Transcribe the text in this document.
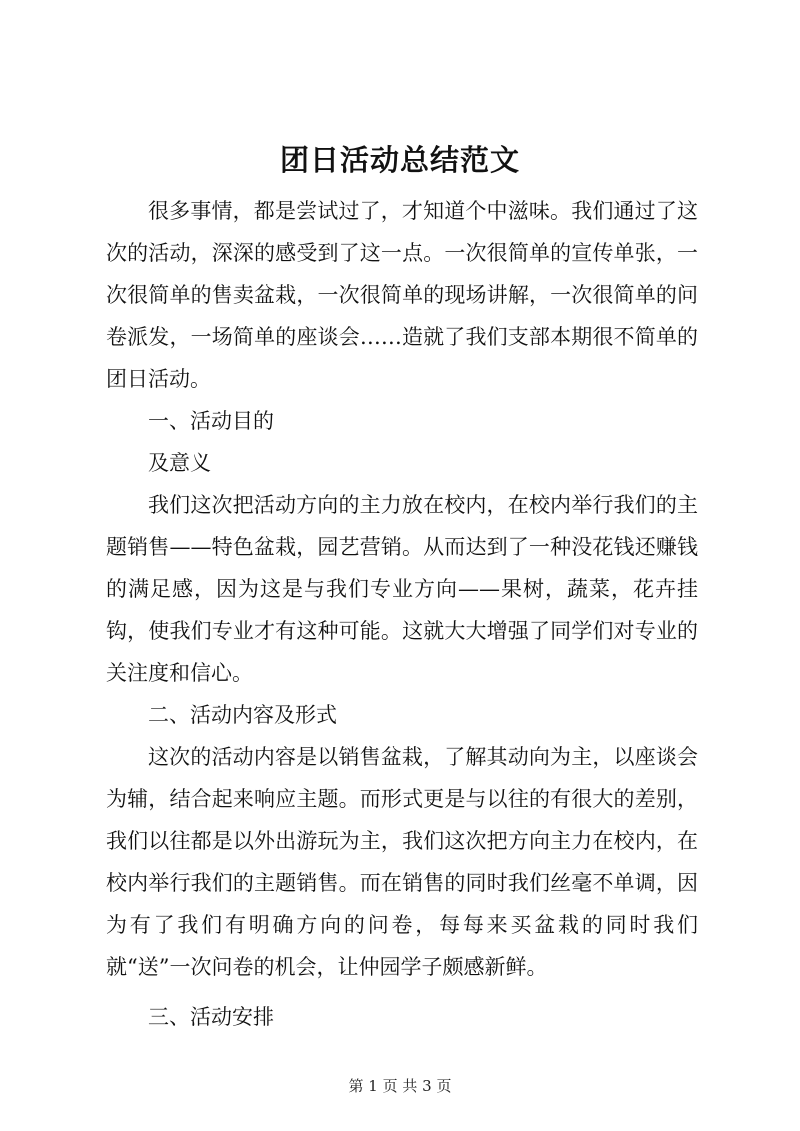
团日活动总结范文

很多事情，都是尝试过了，才知道个中滋味。我们通过了这次的活动，深深的感受到了这一点。一次很简单的宣传单张，一次很简单的售卖盆栽，一次很简单的现场讲解，一次很简单的问卷派发，一场简单的座谈会……造就了我们支部本期很不简单的团日活动。

一、活动目的

及意义

我们这次把活动方向的主力放在校内，在校内举行我们的主题销售——特色盆栽，园艺营销。从而达到了一种没花钱还赚钱的满足感，因为这是与我们专业方向——果树，蔬菜，花卉挂钩，使我们专业才有这种可能。这就大大增强了同学们对专业的关注度和信心。

二、活动内容及形式

这次的活动内容是以销售盆栽，了解其动向为主，以座谈会为辅，结合起来响应主题。而形式更是与以往的有很大的差别，我们以往都是以外出游玩为主，我们这次把方向主力在校内，在校内举行我们的主题销售。而在销售的同时我们丝毫不单调，因为有了我们有明确方向的问卷，每每来买盆栽的同时我们就“送”一次问卷的机会，让仲园学子颇感新鲜。

三、活动安排

第 1 页 共 3 页
